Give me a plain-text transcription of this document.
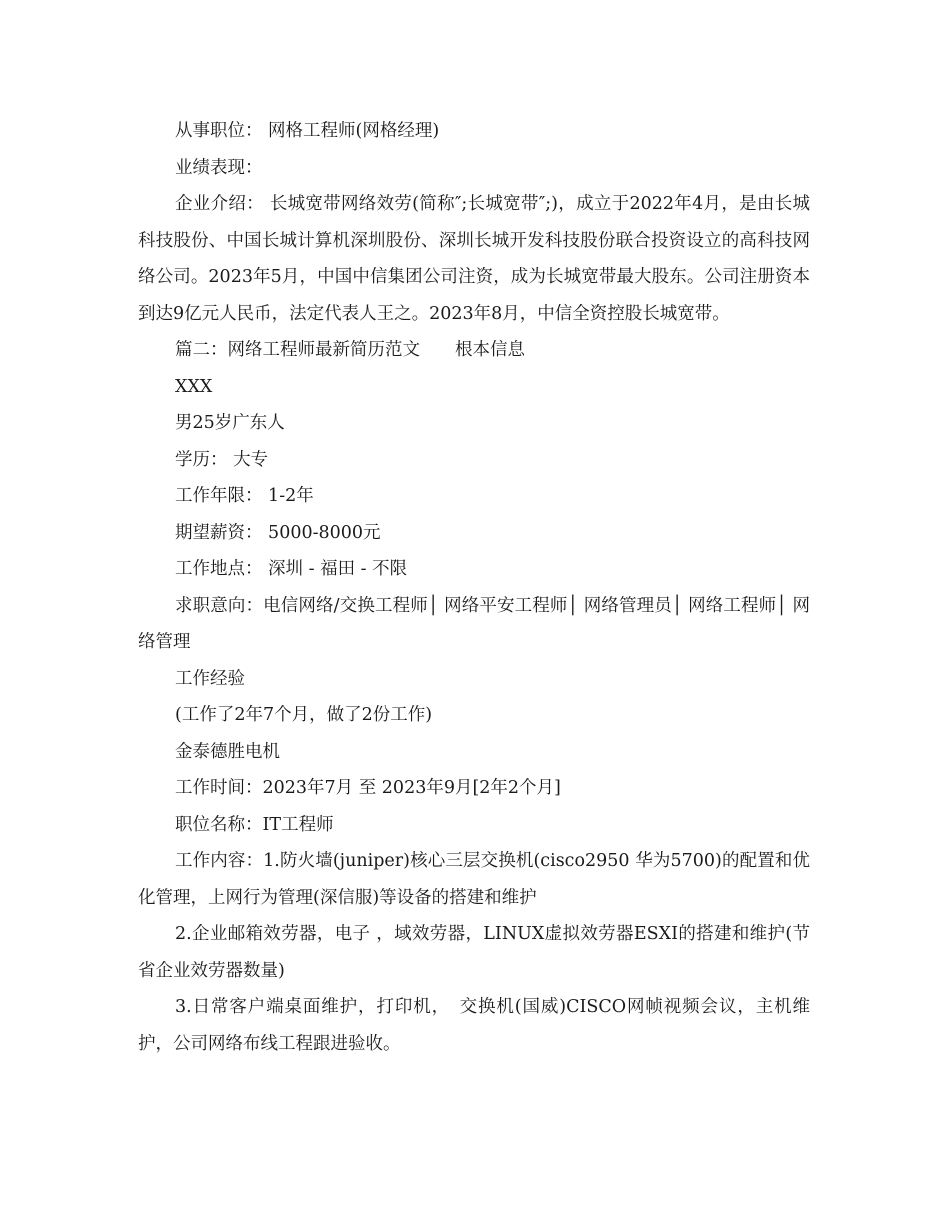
从事职位： 网格工程师(网格经理)

业绩表现：

企业介绍： 长城宽带网络效劳(简称″;长城宽带″;)，成立于2022年4月，是由长城科技股份、中国长城计算机深圳股份、深圳长城开发科技股份联合投资设立的高科技网络公司。2023年5月，中国中信集团公司注资，成为长城宽带最大股东。公司注册资本到达9亿元人民币，法定代表人王之。2023年8月，中信全资控股长城宽带。

篇二：网络工程师最新简历范文　　根本信息

XXX

男25岁广东人

学历： 大专

工作年限： 1-2年

期望薪资： 5000-8000元

工作地点： 深圳 - 福田 - 不限

求职意向：电信网络/交换工程师│ 网络平安工程师│ 网络管理员│ 网络工程师│ 网络管理

工作经验

(工作了2年7个月，做了2份工作)

金泰德胜电机

工作时间：2023年7月 至 2023年9月[2年2个月]

职位名称：IT工程师

工作内容：1.防火墙(juniper)核心三层交换机(cisco2950 华为5700)的配置和优化管理，上网行为管理(深信服)等设备的搭建和维护

2.企业邮箱效劳器，电子 ，域效劳器，LINUX虚拟效劳器ESXI的搭建和维护(节省企业效劳器数量)

3.日常客户端桌面维护，打印机，　交换机(国威)CISCO网帧视频会议，主机维护，公司网络布线工程跟进验收。
